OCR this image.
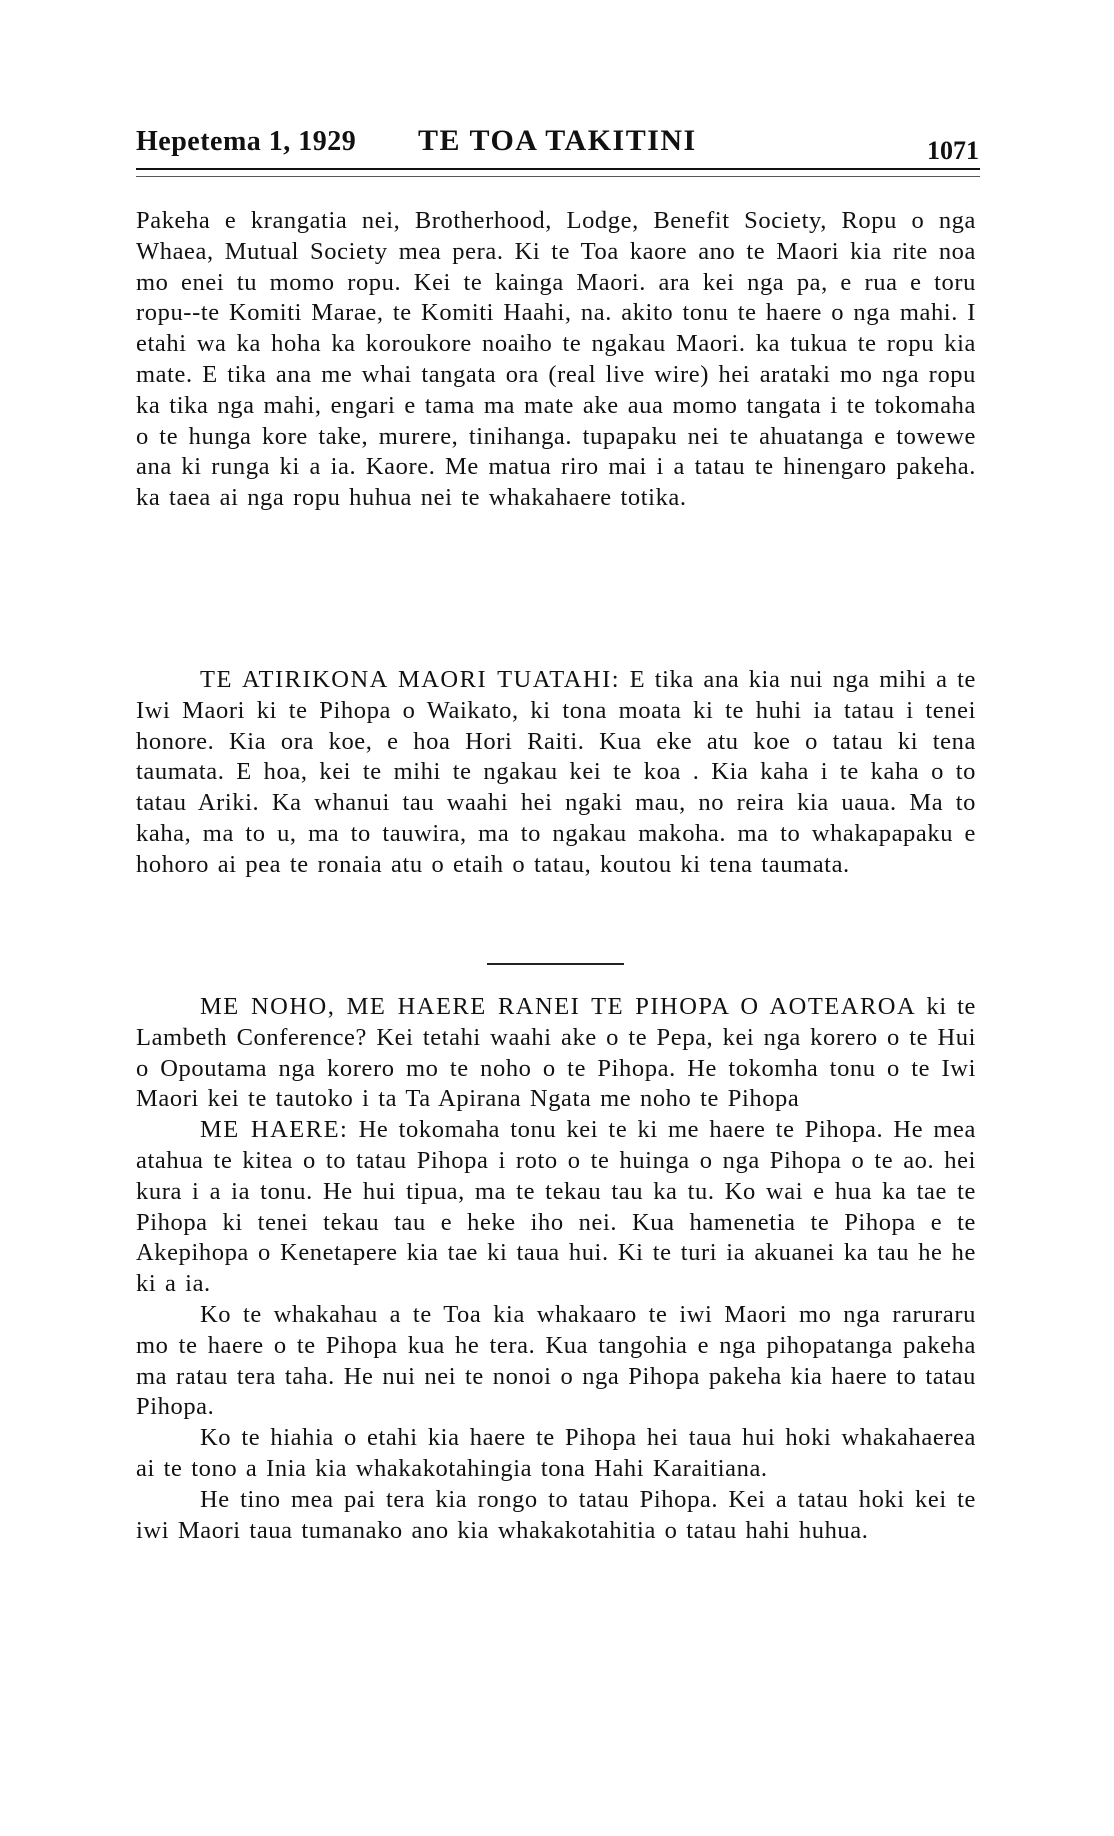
Hepetema 1, 1929 TE TOA TAKITINI	1071

Pakeha e krangatia nei, Brotherhood, Lodge, Benefit Society, Ropu o nga Whaea, Mutual Society mea pera. Ki te Toa kaore ano te Maori kia rite noa mo enei tu momo ropu. Kei te kainga Maori. ara kei nga pa, e rua e toru ropu--te Komiti Marae, te Komiti Haahi, na. akito tonu te haere o nga mahi. I etahi wa ka hoha ka koroukore noaiho te ngakau Maori. ka tukua te ropu kia mate. E tika ana me whai tangata ora (real live wire) hei arataki mo nga ropu ka tika nga mahi, engari e tama ma mate ake aua momo tangata i te tokomaha o te hunga kore take, murere, tinihanga. tupapaku nei te ahuatanga e towewe ana ki runga ki a ia. Kaore. Me matua riro mai i a tatau te hinengaro pakeha. ka taea ai nga ropu huhua nei te whakahaere totika.

TE ATIRIKONA MAORI TUATAHI: E tika ana kia nui nga mihi a te Iwi Maori ki te Pihopa o Waikato, ki tona moata ki te huhi ia tatau i tenei honore. Kia ora koe, e hoa Hori Raiti. Kua eke atu koe o tatau ki tena taumata. E hoa, kei te mihi te ngakau kei te koa . Kia kaha i te kaha o to tatau Ariki. Ka whanui tau waahi hei ngaki mau, no reira kia uaua. Ma to kaha, ma to u, ma to tauwira, ma to ngakau makoha. ma to whakapapaku e hohoro ai pea te ronaia atu o etaih o tatau, koutou ki tena taumata.

ME NOHO, ME HAERE RANEI TE PIHOPA O AOTEAROA ki te Lambeth Conference? Kei tetahi waahi ake o te Pepa, kei nga korero o te Hui o Opoutama nga korero mo te noho o te Pihopa. He tokomha tonu o te Iwi Maori kei te tautoko i ta Ta Apirana Ngata me noho te Pihopa

ME HAERE: He tokomaha tonu kei te ki me haere te Pihopa. He mea atahua te kitea o to tatau Pihopa i roto o te huinga o nga Pihopa o te ao. hei kura i a ia tonu. He hui tipua, ma te tekau tau ka tu. Ko wai e hua ka tae te Pihopa ki tenei tekau tau e heke iho nei. Kua hamenetia te Pihopa e te Akepihopa o Kenetapere kia tae ki taua hui. Ki te turi ia akuanei ka tau he he ki a ia.

Ko te whakahau a te Toa kia whakaaro te iwi Maori mo nga raruraru mo te haere o te Pihopa kua he tera. Kua tangohia e nga pihopatanga pakeha ma ratau tera taha. He nui nei te nonoi o nga Pihopa pakeha kia haere to tatau Pihopa.

Ko te hiahia o etahi kia haere te Pihopa hei taua hui hoki whakahaerea ai te tono a Inia kia whakakotahingia tona Hahi Karaitiana.

He tino mea pai tera kia rongo to tatau Pihopa. Kei a tatau hoki kei te iwi Maori taua tumanako ano kia whakakotahitia o tatau hahi huhua.
